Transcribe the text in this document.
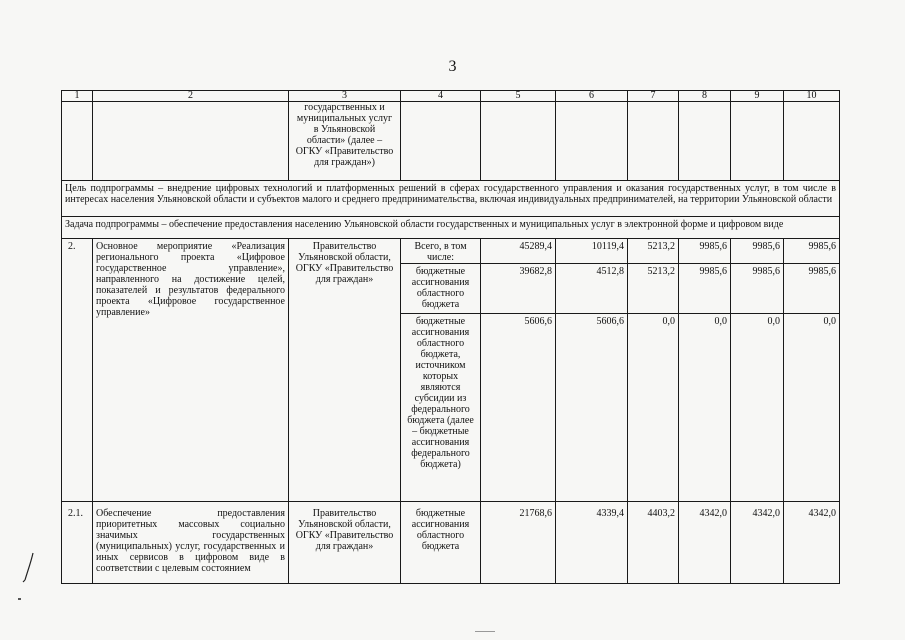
3
1	2	3	4	5	6	7	8	9	10
		государственных и муниципальных услуг в Ульяновской области» (далее – ОГКУ «Правительство для граждан»)							
Цель подпрограммы – внедрение цифровых технологий и платформенных решений в сферах государственного управления и оказания государственных услуг, в том числе в интересах населения Ульяновской области и субъектов малого и среднего предпринимательства, включая индивидуальных предпринимателей, на территории Ульяновской области									
Задача подпрограммы – обеспечение предоставления населению Ульяновской области государственных и муниципальных услуг в электронной форме и цифровом виде									
2.	Основное мероприятие «Реализация регионального проекта «Цифровое государственное управление», направленного на достижение целей, показателей и результатов федерального проекта «Цифровое государственное управление»	Правительство Ульяновской области, ОГКУ «Правительство для граждан»	Всего, в том числе:	45289,4	10119,4	5213,2	9985,6	9985,6	9985,6
			бюджетные ассигнования областного бюджета	39682,8	4512,8	5213,2	9985,6	9985,6	9985,6
			бюджетные ассигнования областного бюджета, источником которых являются субсидии из федерального бюджета (далее – бюджетные ассигнования федерального бюджета)	5606,6	5606,6	0,0	0,0	0,0	0,0
2.1.	Обеспечение предоставления приоритетных массовых социально значимых государственных (муниципальных) услуг, государственных и иных сервисов в цифровом виде в соответствии с целевым состоянием	Правительство Ульяновской области, ОГКУ «Правительство для граждан»	бюджетные ассигнования областного бюджета	21768,6	4339,4	4403,2	4342,0	4342,0	4342,0
